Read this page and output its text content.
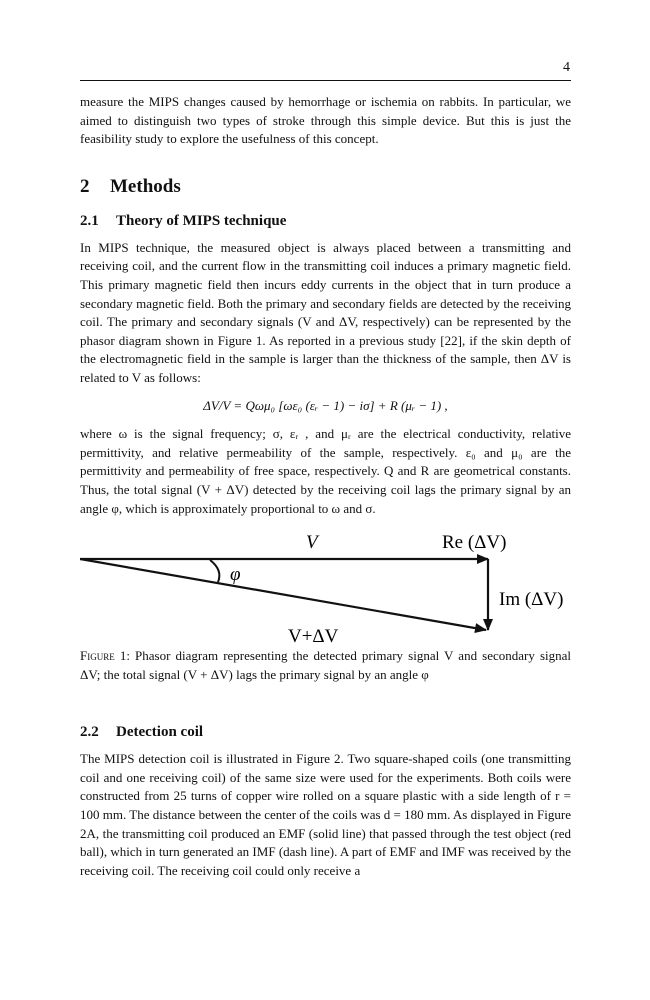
4

measure the MIPS changes caused by hemorrhage or ischemia on rabbits. In particular, we aimed to distinguish two types of stroke through this simple device. But this is just the feasibility study to explore the usefulness of this concept.

2 Methods
2.1 Theory of MIPS technique

In MIPS technique, the measured object is always placed between a transmitting and receiving coil, and the current flow in the transmitting coil induces a primary magnetic field. This primary magnetic field then incurs eddy currents in the object that in turn produce a secondary magnetic field. Both the primary and secondary fields are detected by the receiving coil. The primary and secondary signals (V and ΔV, respectively) can be represented by the phasor diagram shown in Figure 1. As reported in a previous study [22], if the skin depth of the electromagnetic field in the sample is larger than the thickness of the sample, then ΔV is related to V as follows:

ΔV/V = Qωμ₀ [ωε₀ (εᵣ − 1) − iσ] + R (μᵣ − 1) ,

where ω is the signal frequency; σ, εᵣ , and μᵣ are the electrical conductivity, relative permittivity, and relative permeability of the sample, respectively. ε₀ and μ₀ are the permittivity and permeability of free space, respectively. Q and R are geometrical constants. Thus, the total signal (V + ΔV) detected by the receiving coil lags the primary signal by an angle φ, which is approximately proportional to ω and σ.

V	Re (ΔV)
φ
Im (ΔV)
V+ΔV

Figure 1: Phasor diagram representing the detected primary signal V and secondary signal ΔV; the total signal (V + ΔV) lags the primary signal by an angle φ

2.2 Detection coil

The MIPS detection coil is illustrated in Figure 2. Two square-shaped coils (one transmitting coil and one receiving coil) of the same size were used for the experiments. Both coils were constructed from 25 turns of copper wire rolled on a square plastic with a side length of r = 100 mm. The distance between the center of the coils was d = 180 mm. As displayed in Figure 2A, the transmitting coil produced an EMF (solid line) that passed through the test object (red ball), which in turn generated an IMF (dash line). A part of EMF and IMF was received by the receiving coil. The receiving coil could only receive a
